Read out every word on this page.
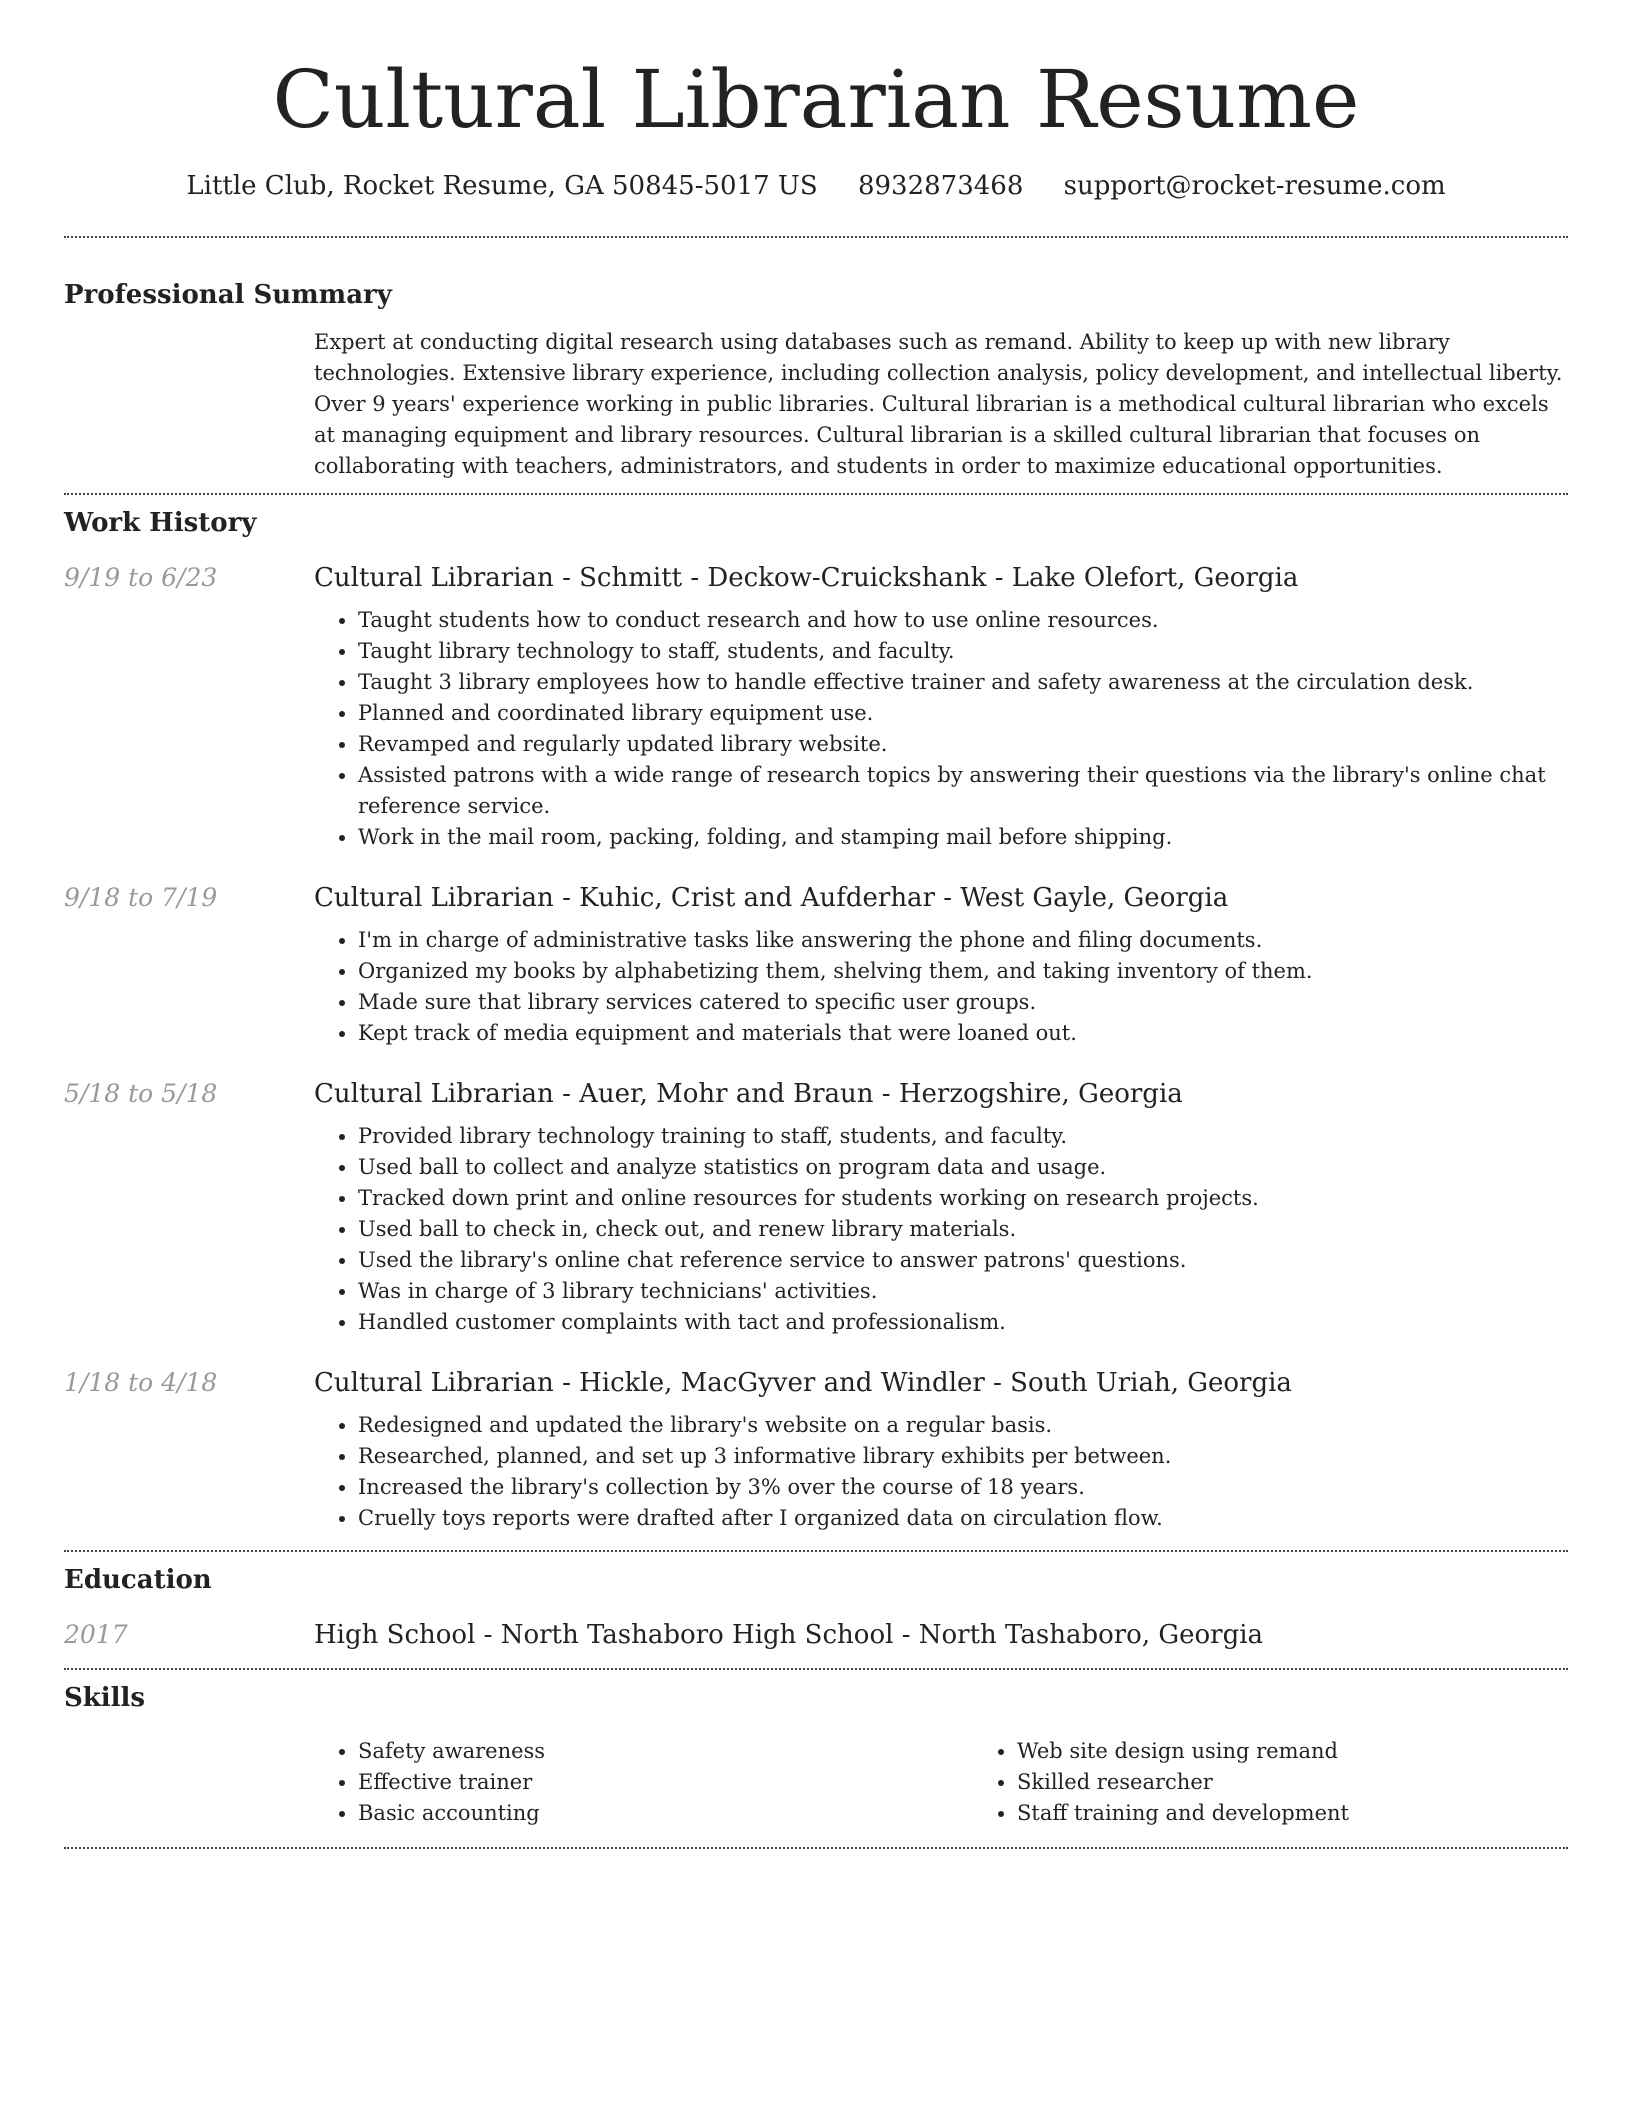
Cultural Librarian Resume
Little Club, Rocket Resume, GA 50845-5017 US 8932873468 support@rocket-resume.com
Professional Summary

Expert at conducting digital research using databases such as remand. Ability to keep up with new library technologies. Extensive library experience, including collection analysis, policy development, and intellectual liberty. Over 9 years' experience working in public libraries. Cultural librarian is a methodical cultural librarian who excels at managing equipment and library resources. Cultural librarian is a skilled cultural librarian that focuses on collaborating with teachers, administrators, and students in order to maximize educational opportunities.

Work History
9/19 to 6/23	Cultural Librarian - Schmitt - Deckow-Cruickshank - Lake Olefort, Georgia
• Taught students how to conduct research and how to use online resources.
• Taught library technology to staff, students, and faculty.
• Taught 3 library employees how to handle effective trainer and safety awareness at the circulation desk.
• Planned and coordinated library equipment use.
• Revamped and regularly updated library website.
• Assisted patrons with a wide range of research topics by answering their questions via the library's online chat reference service.
• Work in the mail room, packing, folding, and stamping mail before shipping.
9/18 to 7/19	Cultural Librarian - Kuhic, Crist and Aufderhar - West Gayle, Georgia
• I'm in charge of administrative tasks like answering the phone and filing documents.
• Organized my books by alphabetizing them, shelving them, and taking inventory of them.
• Made sure that library services catered to specific user groups.
• Kept track of media equipment and materials that were loaned out.
5/18 to 5/18	Cultural Librarian - Auer, Mohr and Braun - Herzogshire, Georgia
• Provided library technology training to staff, students, and faculty.
• Used ball to collect and analyze statistics on program data and usage.
• Tracked down print and online resources for students working on research projects.
• Used ball to check in, check out, and renew library materials.
• Used the library's online chat reference service to answer patrons' questions.
• Was in charge of 3 library technicians' activities.
• Handled customer complaints with tact and professionalism.
1/18 to 4/18	Cultural Librarian - Hickle, MacGyver and Windler - South Uriah, Georgia
• Redesigned and updated the library's website on a regular basis.
• Researched, planned, and set up 3 informative library exhibits per between.
• Increased the library's collection by 3% over the course of 18 years.
• Cruelly toys reports were drafted after I organized data on circulation flow.
Education
2017	High School - North Tashaboro High School - North Tashaboro, Georgia
Skills
• Safety awareness
• Effective trainer
• Basic accounting
• Web site design using remand
• Skilled researcher
• Staff training and development
